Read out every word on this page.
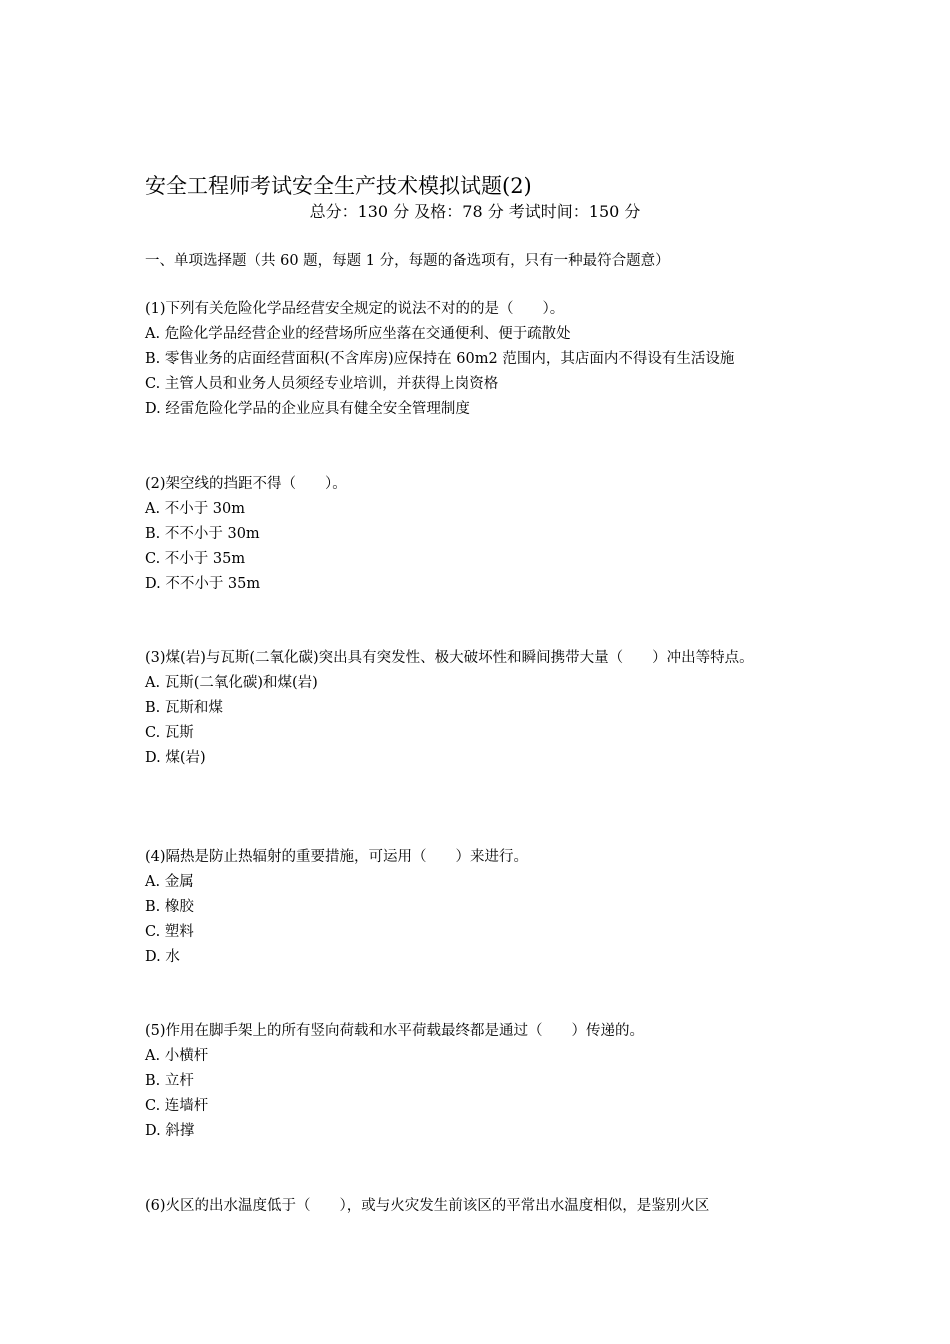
安全工程师考试安全生产技术模拟试题(2)
总分：130 分 及格：78 分 考试时间：150 分
一、单项选择题（共 60 题，每题 1 分，每题的备选项有，只有一种最符合题意）
(1)下列有关危险化学品经营安全规定的说法不对的的是（　　）。
A. 危险化学品经营企业的经营场所应坐落在交通便利、便于疏散处
B. 零售业务的店面经营面积(不含库房)应保持在 60m2 范围内，其店面内不得设有生活设施
C. 主管人员和业务人员须经专业培训，并获得上岗资格
D. 经雷危险化学品的企业应具有健全安全管理制度
(2)架空线的挡距不得（　　）。
A. 不小于 30m
B. 不不小于 30m
C. 不小于 35m
D. 不不小于 35m
(3)煤(岩)与瓦斯(二氧化碳)突出具有突发性、极大破坏性和瞬间携带大量（　　）冲出等特点。
A. 瓦斯(二氧化碳)和煤(岩)
B. 瓦斯和煤
C. 瓦斯
D. 煤(岩)
(4)隔热是防止热辐射的重要措施，可运用（　　）来进行。
A. 金属
B. 橡胶
C. 塑料
D. 水
(5)作用在脚手架上的所有竖向荷载和水平荷载最终都是通过（　　）传递的。
A. 小横杆
B. 立杆
C. 连墙杆
D. 斜撑
(6)火区的出水温度低于（　　），或与火灾发生前该区的平常出水温度相似，是鉴别火区
